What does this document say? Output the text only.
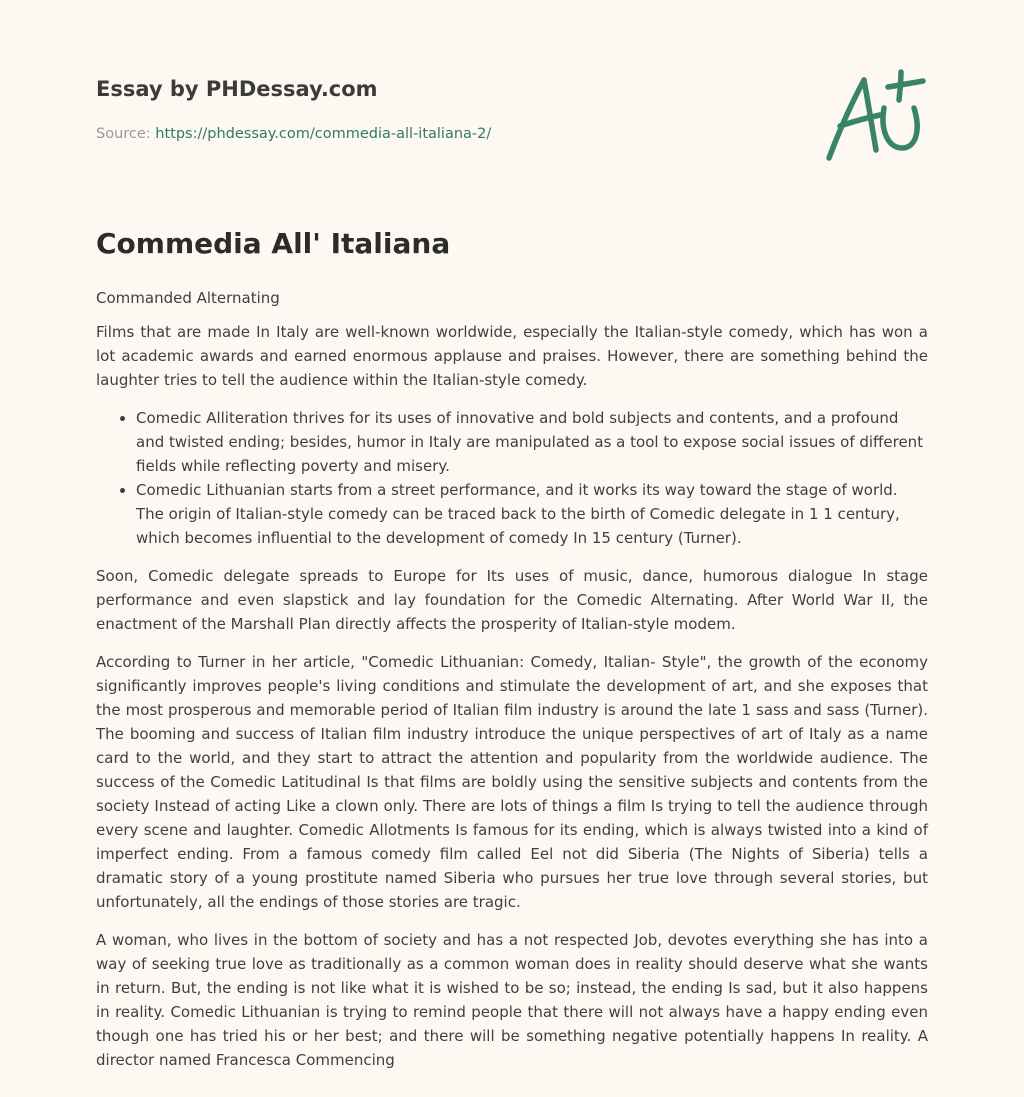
Essay by PHDessay.com

Source: https://phdessay.com/commedia-all-italiana-2/
Commedia All' Italiana

Commanded Alternating

Films that are made In Italy are well-known worldwide, especially the Italian-style comedy, which has won a lot academic awards and earned enormous applause and praises. However, there are something behind the laughter tries to tell the audience within the Italian-style comedy.

• Comedic Alliteration thrives for its uses of innovative and bold subjects and contents, and a profound and twisted ending; besides, humor in Italy are manipulated as a tool to expose social issues of different fields while reflecting poverty and misery.
• Comedic Lithuanian starts from a street performance, and it works its way toward the stage of world. The origin of Italian-style comedy can be traced back to the birth of Comedic delegate in 1 1 century, which becomes influential to the development of comedy In 15 century (Turner).

Soon, Comedic delegate spreads to Europe for Its uses of music, dance, humorous dialogue In stage performance and even slapstick and lay foundation for the Comedic Alternating. After World War II, the enactment of the Marshall Plan directly affects the prosperity of Italian-style modem.

According to Turner in her article, "Comedic Lithuanian: Comedy, Italian- Style", the growth of the economy significantly improves people's living conditions and stimulate the development of art, and she exposes that the most prosperous and memorable period of Italian film industry is around the late 1 sass and sass (Turner). The booming and success of Italian film industry introduce the unique perspectives of art of Italy as a name card to the world, and they start to attract the attention and popularity from the worldwide audience. The success of the Comedic Latitudinal Is that films are boldly using the sensitive subjects and contents from the society Instead of acting Like a clown only. There are lots of things a film Is trying to tell the audience through every scene and laughter. Comedic Allotments Is famous for its ending, which is always twisted into a kind of imperfect ending. From a famous comedy film called Eel not did Siberia (The Nights of Siberia) tells a dramatic story of a young prostitute named Siberia who pursues her true love through several stories, but unfortunately, all the endings of those stories are tragic.

A woman, who lives in the bottom of society and has a not respected Job, devotes everything she has into a way of seeking true love as traditionally as a common woman does in reality should deserve what she wants in return. But, the ending is not like what it is wished to be so; instead, the ending Is sad, but it also happens in reality. Comedic Lithuanian is trying to remind people that there will not always have a happy ending even though one has tried his or her best; and there will be something negative potentially happens In reality. A director named Francesca Commencing
